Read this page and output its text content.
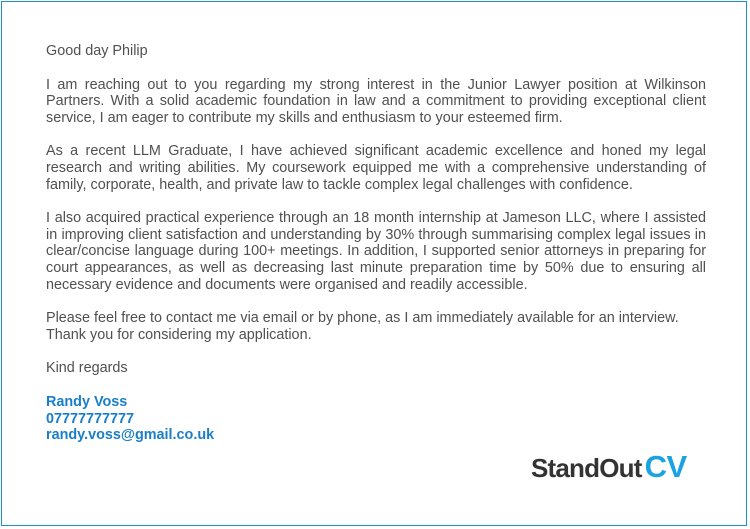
Good day Philip

I am reaching out to you regarding my strong interest in the Junior Lawyer position at Wilkinson Partners. With a solid academic foundation in law and a commitment to providing exceptional client service, I am eager to contribute my skills and enthusiasm to your esteemed firm.

As a recent LLM Graduate, I have achieved significant academic excellence and honed my legal research and writing abilities. My coursework equipped me with a comprehensive understanding of family, corporate, health, and private law to tackle complex legal challenges with confidence.

I also acquired practical experience through an 18 month internship at Jameson LLC, where I assisted in improving client satisfaction and understanding by 30% through summarising complex legal issues in clear/concise language during 100+ meetings. In addition, I supported senior attorneys in preparing for court appearances, as well as decreasing last minute preparation time by 50% due to ensuring all necessary evidence and documents were organised and readily accessible.

Please feel free to contact me via email or by phone, as I am immediately available for an interview. Thank you for considering my application.

Kind regards

Randy Voss
07777777777
randy.voss@gmail.co.uk
StandOutCV
